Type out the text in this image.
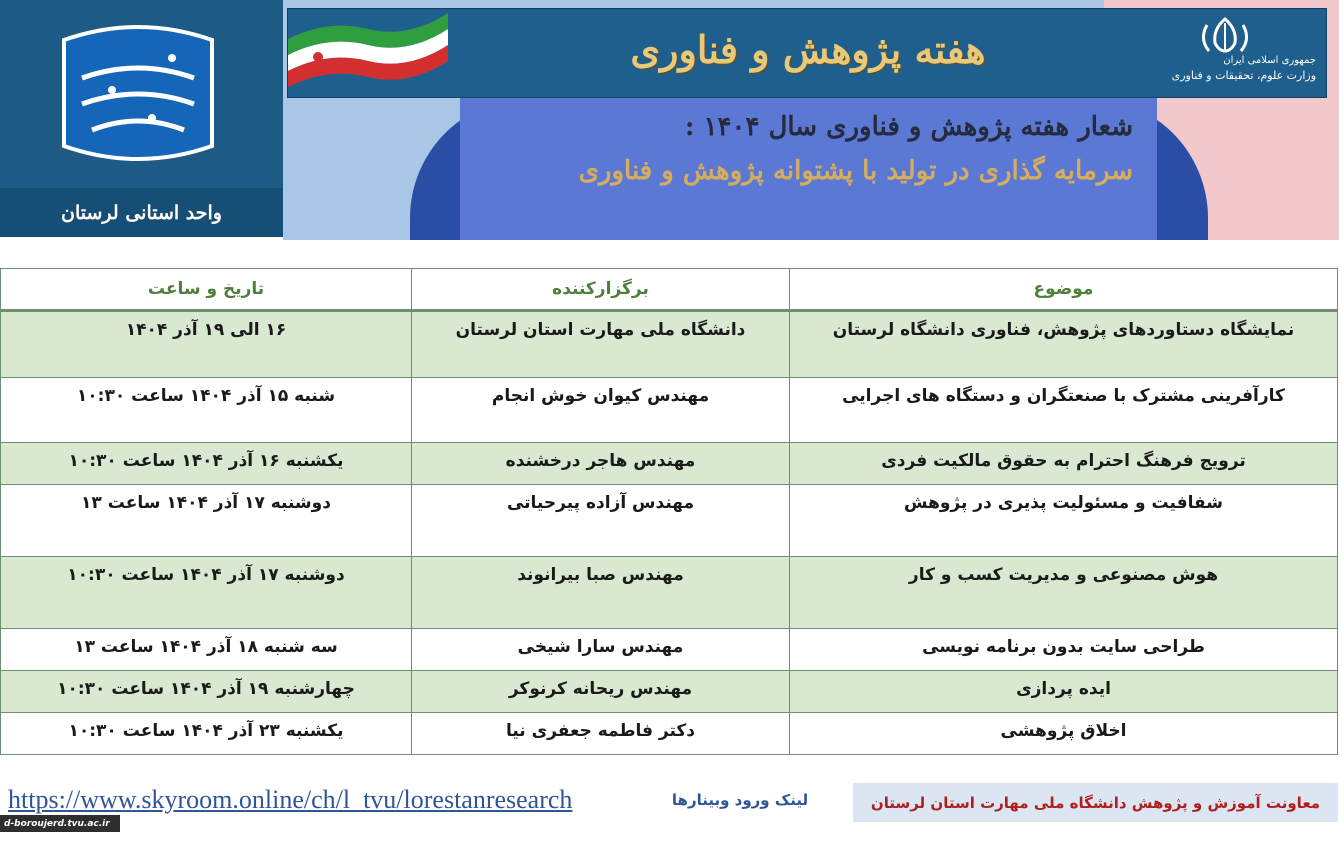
واحد استانی لرستان
هفته پژوهش و فناوری	جمهوری اسلامی ایران
وزارت علوم، تحقیقات و فناوری
شعار هفته پژوهش و فناوری سال ۱۴۰۴ :
سرمایه گذاری در تولید با پشتوانه پژوهش و فناوری
موضوع	برگزارکننده	تاریخ و ساعت
نمایشگاه دستاوردهای پژوهش، فناوری دانشگاه لرستان	دانشگاه ملی مهارت استان لرستان	۱۶ الی ۱۹ آذر ۱۴۰۴
کارآفرینی مشترک با صنعتگران و دستگاه های اجرایی	مهندس کیوان خوش انجام	شنبه ۱۵ آذر ۱۴۰۴ ساعت ۱۰:۳۰
ترویج فرهنگ احترام به حقوق مالکیت فردی	مهندس هاجر درخشنده	یکشنبه ۱۶ آذر ۱۴۰۴ ساعت ۱۰:۳۰
شفافیت و مسئولیت پذیری در پژوهش	مهندس آزاده پیرحیاتی	دوشنبه ۱۷ آذر ۱۴۰۴ ساعت ۱۳
هوش مصنوعی و مدیریت کسب و کار	مهندس صبا بیرانوند	دوشنبه ۱۷ آذر ۱۴۰۴ ساعت ۱۰:۳۰
طراحی سایت بدون برنامه نویسی	مهندس سارا شیخی	سه شنبه ۱۸ آذر ۱۴۰۴ ساعت ۱۳
ایده پردازی	مهندس ریحانه کرنوکر	چهارشنبه ۱۹ آذر ۱۴۰۴ ساعت ۱۰:۳۰
اخلاق پژوهشی	دکتر فاطمه جعفری نیا	یکشنبه ۲۳ آذر ۱۴۰۴ ساعت ۱۰:۳۰
معاونت آموزش و پژوهش دانشگاه ملی مهارت استان لرستان
لینک ورود وبینارها
https://www.skyroom.online/ch/l_tvu/lorestanresearch
d-boroujerd.tvu.ac.ir
